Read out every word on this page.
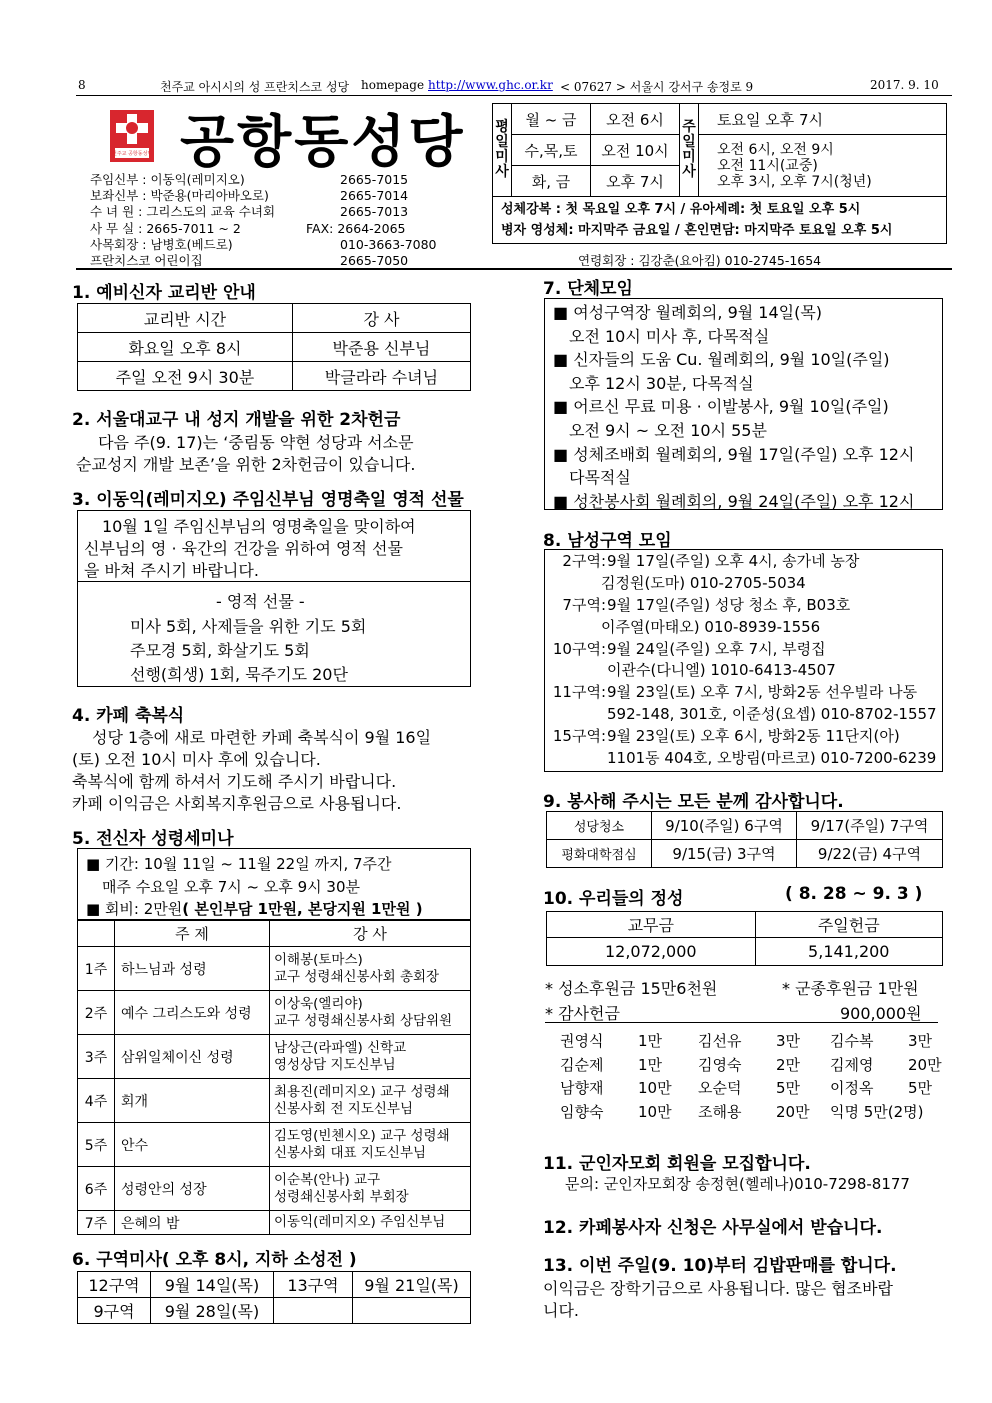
8	천주교 아시시의 성 프란치스코 성당 homepage http://www.ghc.or.kr < 07627 > 서울시 강서구 송정로 9	2017. 9. 10
천주교 공항동성당 공항동성당
주임신부 : 이동익(레미지오)	2665-7015
보좌신부 : 박준용(마리아바오로)	2665-7014
수 녀 원 : 그리스도의 교육 수녀회	2665-7013
사 무 실 : 2665-7011 ~ 2	FAX: 2664-2065
사목회장 : 남병호(베드로)	010-3663-7080
프란치스코 어린이집	2665-7050
평일미사	월 ~ 금	오전 6시	주일미사	토요일 오후 7시
	수,목,토	오전 10시		오전 6시, 오전 9시
오전 11시(교중)
오후 3시, 오후 7시(청년)

	화, 금	오후 7시		

성체강복 : 첫 목요일 오후 7시 / 유아세례: 첫 토요일 오후 5시
병자 영성체: 마지막주 금요일 / 혼인면담: 마지막주 토요일 오후 5시				
연령회장 : 김강춘(요아킴) 010-2745-1654
1. 예비신자 교리반 안내
교리반 시간	강 사
화요일 오후 8시	박준용 신부님
주일 오전 9시 30분	박글라라 수녀님
2. 서울대교구 내 성지 개발을 위한 2차헌금
다음 주(9. 17)는 ‘중림동 약현 성당과 서소문
순교성지 개발 보존’을 위한 2차헌금이 있습니다.
3. 이동익(레미지오) 주임신부님 영명축일 영적 선물
10월 1일 주임신부님의 영명축일을 맞이하여
신부님의 영 · 육간의 건강을 위하여 영적 선물
을 바쳐 주시기 바랍니다.
- 영적 선물 -
미사 5회, 사제들을 위한 기도 5회
주모경 5회, 화살기도 5회
선행(희생) 1회, 묵주기도 20단
4. 카페 축복식
성당 1층에 새로 마련한 카페 축복식이 9월 16일
(토) 오전 10시 미사 후에 있습니다.
축복식에 함께 하셔서 기도해 주시기 바랍니다.
카페 이익금은 사회복지후원금으로 사용됩니다.
5. 전신자 성령세미나
■ 기간: 10월 11일 ~ 11월 22일 까지, 7주간
매주 수요일 오후 7시 ~ 오후 9시 30분
■ 회비: 2만원( 본인부담 1만원, 본당지원 1만원 )
	주 제	강 사
1주	하느님과 성령	이해봉(토마스)
교구 성령쇄신봉사회 총회장

2주	예수 그리스도와 성령	이상욱(엘리야)
교구 성령쇄신봉사회 상담위원

3주	삼위일체이신 성령	남상근(라파엘) 신학교
영성상담 지도신부님

4주	회개	최용진(레미지오) 교구 성령쇄
신봉사회 전 지도신부님

5주	안수	김도영(빈첸시오) 교구 성령쇄
신봉사회 대표 지도신부님

6주	성령안의 성장	이순복(안나) 교구
성령쇄신봉사회 부회장

7주	은혜의 밤	이동익(레미지오) 주임신부님
6. 구역미사( 오후 8시, 지하 소성전 )
12구역	9월 14일(목)	13구역	9월 21일(목)
9구역	9월 28일(목)		
7. 단체모임
■ 여성구역장 월례회의, 9월 14일(목)
오전 10시 미사 후, 다목적실
■ 신자들의 도움 Cu. 월례회의, 9월 10일(주일)
오후 12시 30분, 다목적실
■ 어르신 무료 미용 · 이발봉사, 9월 10일(주일)
오전 9시 ~ 오전 10시 55분
■ 성체조배회 월례회의, 9월 17일(주일) 오후 12시
다목적실
■ 성찬봉사회 월례회의, 9월 24일(주일) 오후 12시
8. 남성구역 모임
2구역: 9월 17일(주일) 오후 4시, 송가네 농장
김정원(도마) 010-2705-5034
7구역: 9월 17일(주일) 성당 청소 후, B03호
이주열(마태오) 010-8939-1556
10구역: 9월 24일(주일) 오후 7시, 부령집
이관수(다니엘) 1010-6413-4507
11구역: 9월 23일(토) 오후 7시, 방화2동 선우빌라 나동
592-148, 301호, 이준성(요셉) 010-8702-1557
15구역: 9월 23일(토) 오후 6시, 방화2동 11단지(아)
1101동 404호, 오방림(마르코) 010-7200-6239
9. 봉사해 주시는 모든 분께 감사합니다.
성당청소	9/10(주일) 6구역	9/17(주일) 7구역
평화대학점심	9/15(금) 3구역	9/22(금) 4구역
10. 우리들의 정성	( 8. 28 ~ 9. 3 )
교무금	주일헌금
12,072,000	5,141,200
* 성소후원금 15만6천원	* 군종후원금 1만원
* 감사헌금	900,000원
권영식 1만 김선유 3만 김수복 3만
김순제 1만 김영숙 2만 김제영 20만
남향재 10만 오순덕 5만 이정옥 5만
임향숙 10만 조해용 20만 익명 5만(2명)
11. 군인자모회 회원을 모집합니다.
문의: 군인자모회장 송정현(헬레나)010-7298-8177
12. 카페봉사자 신청은 사무실에서 받습니다.
13. 이번 주일(9. 10)부터 김밥판매를 합니다.
이익금은 장학기금으로 사용됩니다. 많은 협조바랍
니다.
